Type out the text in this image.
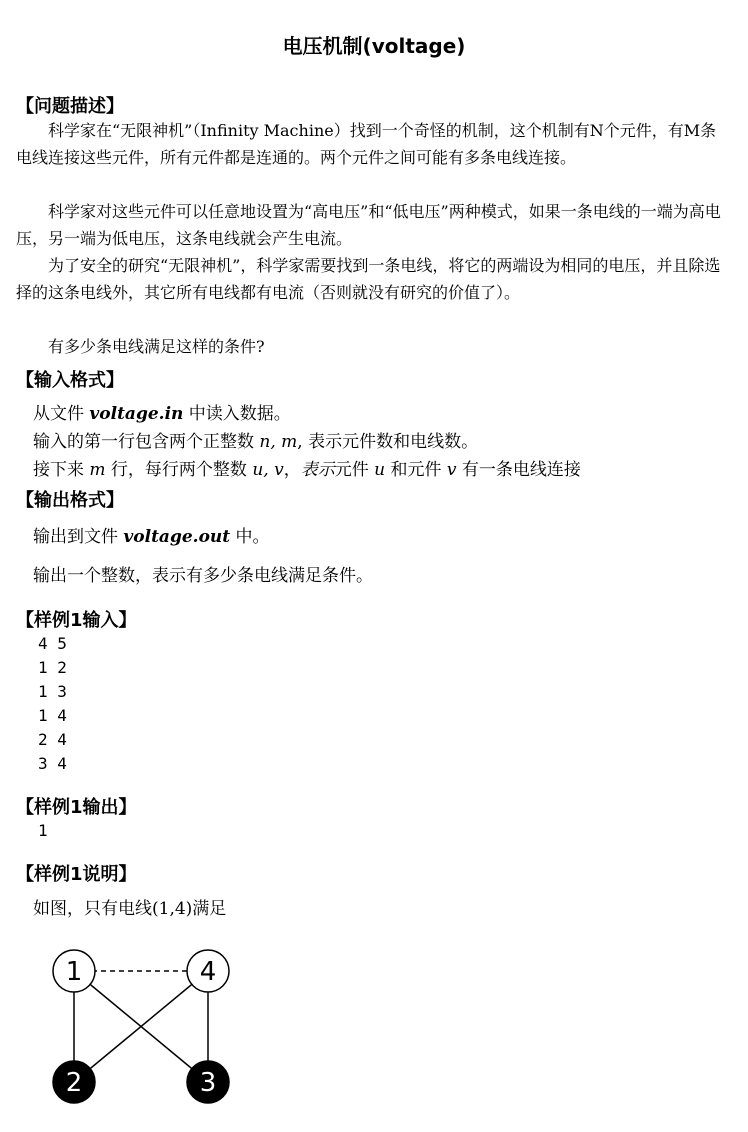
电压机制(voltage)
【问题描述】

科学家在“无限神机”（Infinity Machine）找到一个奇怪的机制，这个机制有N个元件，有M条电线连接这些元件，所有元件都是连通的。两个元件之间可能有多条电线连接。

科学家对这些元件可以任意地设置为“高电压”和“低电压”两种模式，如果一条电线的一端为高电压，另一端为低电压，这条电线就会产生电流。

为了安全的研究“无限神机”，科学家需要找到一条电线，将它的两端设为相同的电压，并且除选择的这条电线外，其它所有电线都有电流（否则就没有研究的价值了）。

有多少条电线满足这样的条件?

【输入格式】
从文件 voltage.in 中读入数据。
输入的第一行包含两个正整数 n, m, 表示元件数和电线数。
接下来 m 行，每行两个整数 u, v，表示元件 u 和元件 v 有一条电线连接
【输出格式】
输出到文件 voltage.out 中。
输出一个整数，表示有多少条电线满足条件。
【样例1输入】
4 5
1 2
1 3
1 4
2 4
3 4
【样例1输出】
1
【样例1说明】
如图，只有电线(1,4)满足
1	4
2	3
